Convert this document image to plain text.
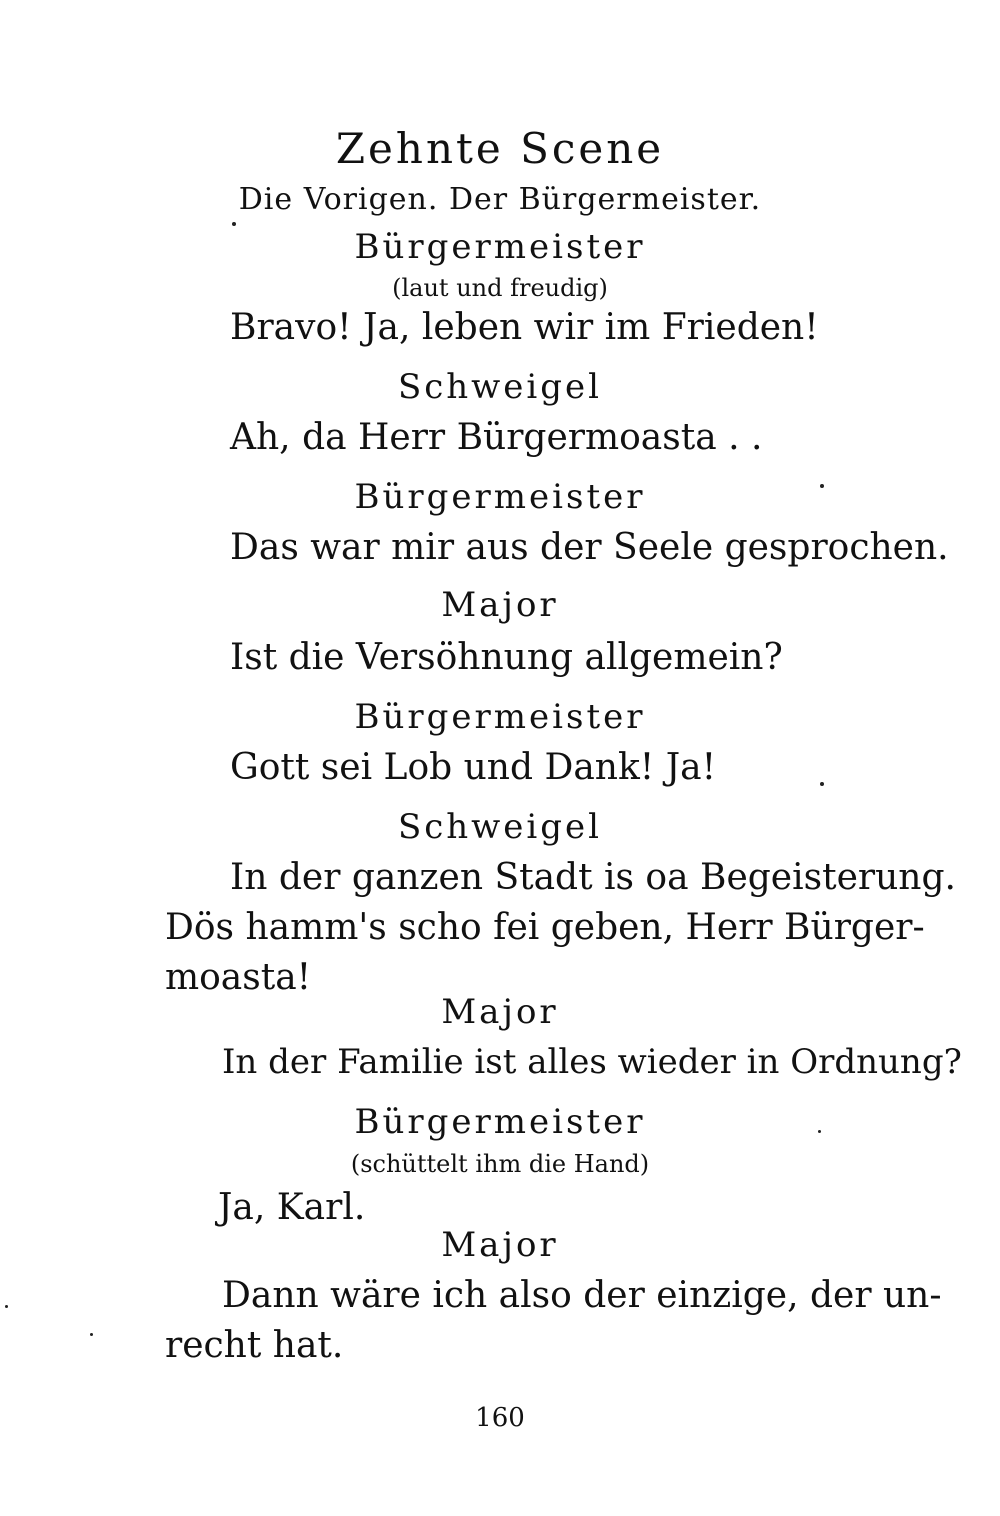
Zehnte Scene
Die Vorigen. Der Bürgermeister.
Bürgermeister
(laut und freudig)
Bravo! Ja, leben wir im Frieden!
Schweigel
Ah, da Herr Bürgermoasta . .
Bürgermeister
Das war mir aus der Seele gesprochen.
Major
Ist die Versöhnung allgemein?
Bürgermeister
Gott sei Lob und Dank! Ja!
Schweigel
In der ganzen Stadt is oa Begeisterung.
Dös hamm's scho fei geben, Herr Bürger-
moasta!
Major
In der Familie ist alles wieder in Ordnung?
Bürgermeister
(schüttelt ihm die Hand)
Ja, Karl.
Major
Dann wäre ich also der einzige, der un-
recht hat.
160
